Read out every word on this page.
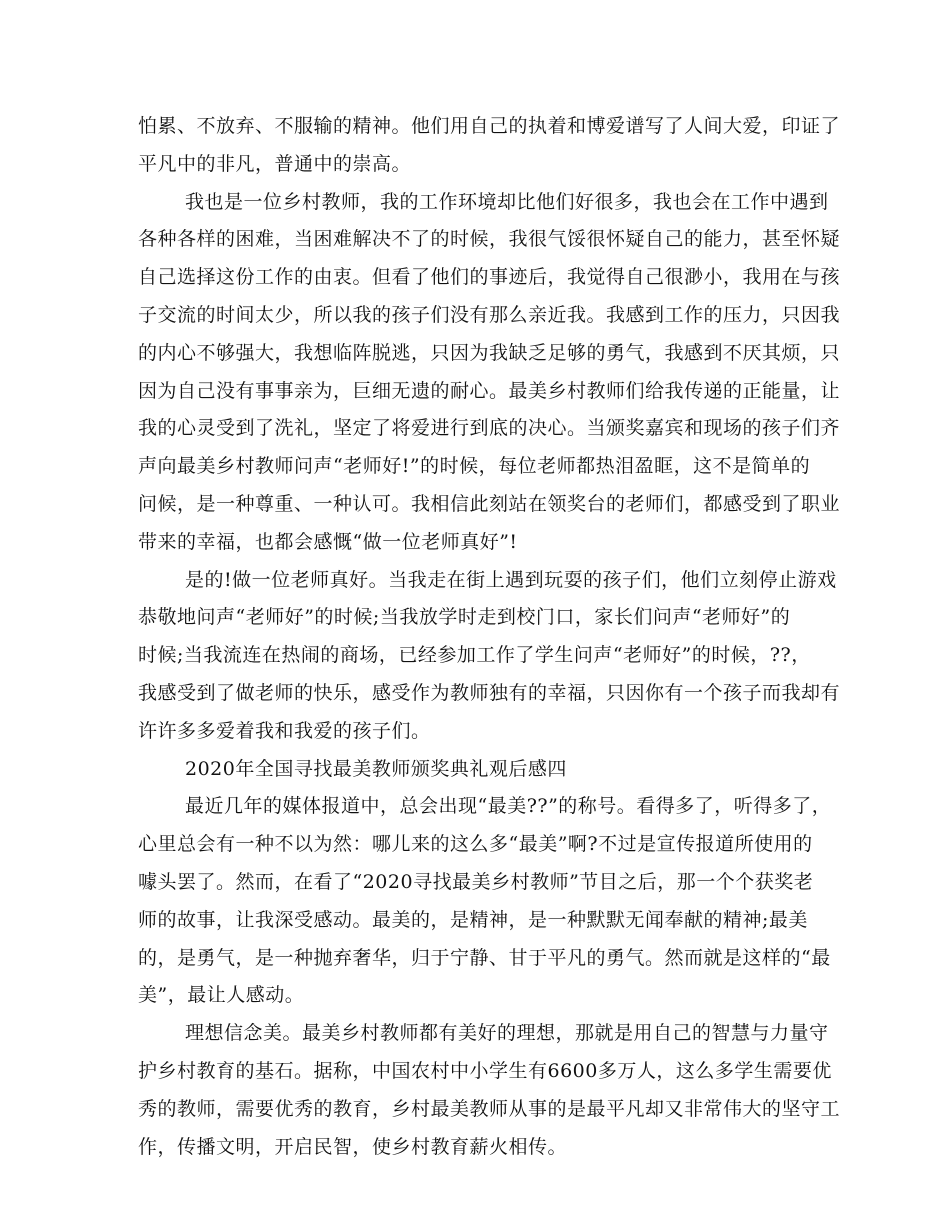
怕累、不放弃、不服输的精神。他们用自己的执着和博爱谱写了人间大爱，印证了
平凡中的非凡，普通中的崇高。
我也是一位乡村教师，我的工作环境却比他们好很多，我也会在工作中遇到
各种各样的困难，当困难解决不了的时候，我很气馁很怀疑自己的能力，甚至怀疑
自己选择这份工作的由衷。但看了他们的事迹后，我觉得自己很渺小，我用在与孩
子交流的时间太少，所以我的孩子们没有那么亲近我。我感到工作的压力，只因我
的内心不够强大，我想临阵脱逃，只因为我缺乏足够的勇气，我感到不厌其烦，只
因为自己没有事事亲为，巨细无遗的耐心。最美乡村教师们给我传递的正能量，让
我的心灵受到了洗礼，坚定了将爱进行到底的决心。当颁奖嘉宾和现场的孩子们齐
声向最美乡村教师问声“老师好!”的时候，每位老师都热泪盈眶，这不是简单的
问候，是一种尊重、一种认可。我相信此刻站在领奖台的老师们，都感受到了职业
带来的幸福，也都会感慨“做一位老师真好”!
是的!做一位老师真好。当我走在街上遇到玩耍的孩子们，他们立刻停止游戏
恭敬地问声“老师好”的时候;当我放学时走到校门口，家长们问声“老师好”的
时候;当我流连在热闹的商场，已经参加工作了学生问声“老师好”的时候，??，
我感受到了做老师的快乐，感受作为教师独有的幸福，只因你有一个孩子而我却有
许许多多爱着我和我爱的孩子们。
2020年全国寻找最美教师颁奖典礼观后感四
最近几年的媒体报道中，总会出现“最美??”的称号。看得多了，听得多了，
心里总会有一种不以为然：哪儿来的这么多“最美”啊?不过是宣传报道所使用的
噱头罢了。然而，在看了“2020寻找最美乡村教师”节目之后，那一个个获奖老
师的故事，让我深受感动。最美的，是精神，是一种默默无闻奉献的精神;最美
的，是勇气，是一种抛弃奢华，归于宁静、甘于平凡的勇气。然而就是这样的“最
美”，最让人感动。
理想信念美。最美乡村教师都有美好的理想，那就是用自己的智慧与力量守
护乡村教育的基石。据称，中国农村中小学生有6600多万人，这么多学生需要优
秀的教师，需要优秀的教育，乡村最美教师从事的是最平凡却又非常伟大的坚守工
作，传播文明，开启民智，使乡村教育薪火相传。
